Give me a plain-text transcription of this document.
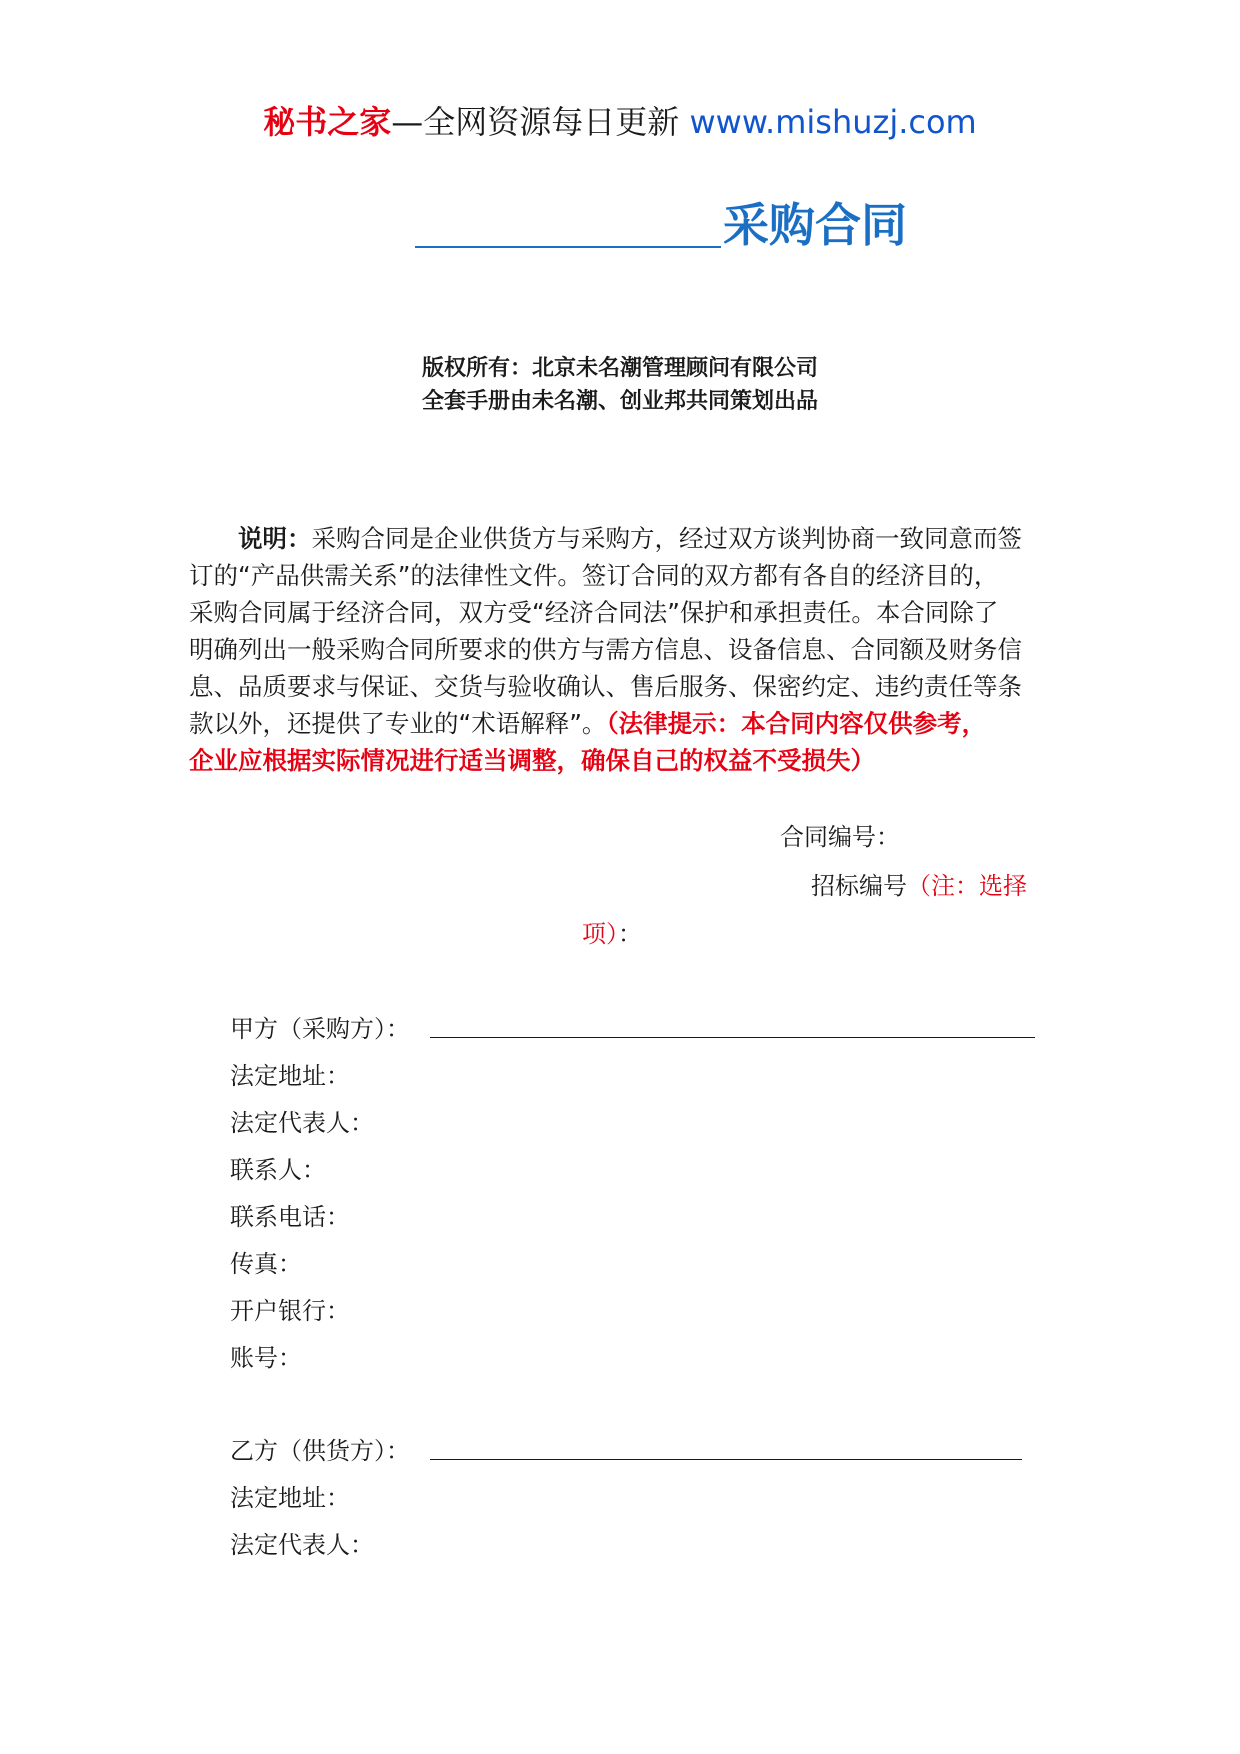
秘书之家—全网资源每日更新 www.mishuzj.com
采购合同
版权所有：北京未名潮管理顾问有限公司
全套手册由未名潮、创业邦共同策划出品
说明：采购合同是企业供货方与采购方，经过双方谈判协商一致同意而签
订的“产品供需关系”的法律性文件。签订合同的双方都有各自的经济目的，
采购合同属于经济合同，双方受“经济合同法”保护和承担责任。本合同除了
明确列出一般采购合同所要求的供方与需方信息、设备信息、合同额及财务信
息、品质要求与保证、交货与验收确认、售后服务、保密约定、违约责任等条
款以外，还提供了专业的“术语解释”。（法律提示：本合同内容仅供参考，
企业应根据实际情况进行适当调整，确保自己的权益不受损失）
合同编号：
招标编号（注：选择
项）：
甲方（采购方）：
法定地址：
法定代表人：
联系人：
联系电话：
传真：
开户银行：
账号：
乙方（供货方）：
法定地址：
法定代表人：
